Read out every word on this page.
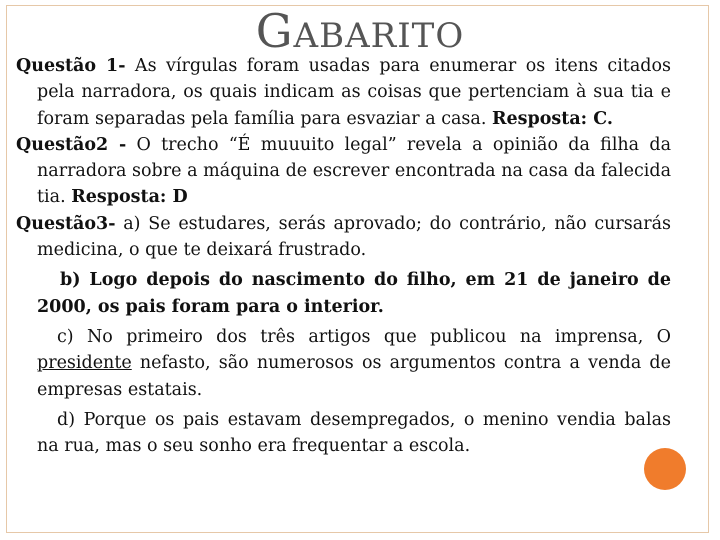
GABARITO

Questão 1- As vírgulas foram usadas para enumerar os itens citados pela narradora, os quais indicam as coisas que pertenciam à sua tia e foram separadas pela família para esvaziar a casa. Resposta: C.

Questão2 - O trecho “É muuuito legal” revela a opinião da filha da narradora sobre a máquina de escrever encontrada na casa da falecida tia. Resposta: D

Questão3- a) Se estudares, serás aprovado; do contrário, não cursarás medicina, o que te deixará frustrado.

b) Logo depois do nascimento do filho, em 21 de janeiro de 2000, os pais foram para o interior.

c) No primeiro dos três artigos que publicou na imprensa, O presidente nefasto, são numerosos os argumentos contra a venda de empresas estatais.

d) Porque os pais estavam desempregados, o menino vendia balas na rua, mas o seu sonho era frequentar a escola.
